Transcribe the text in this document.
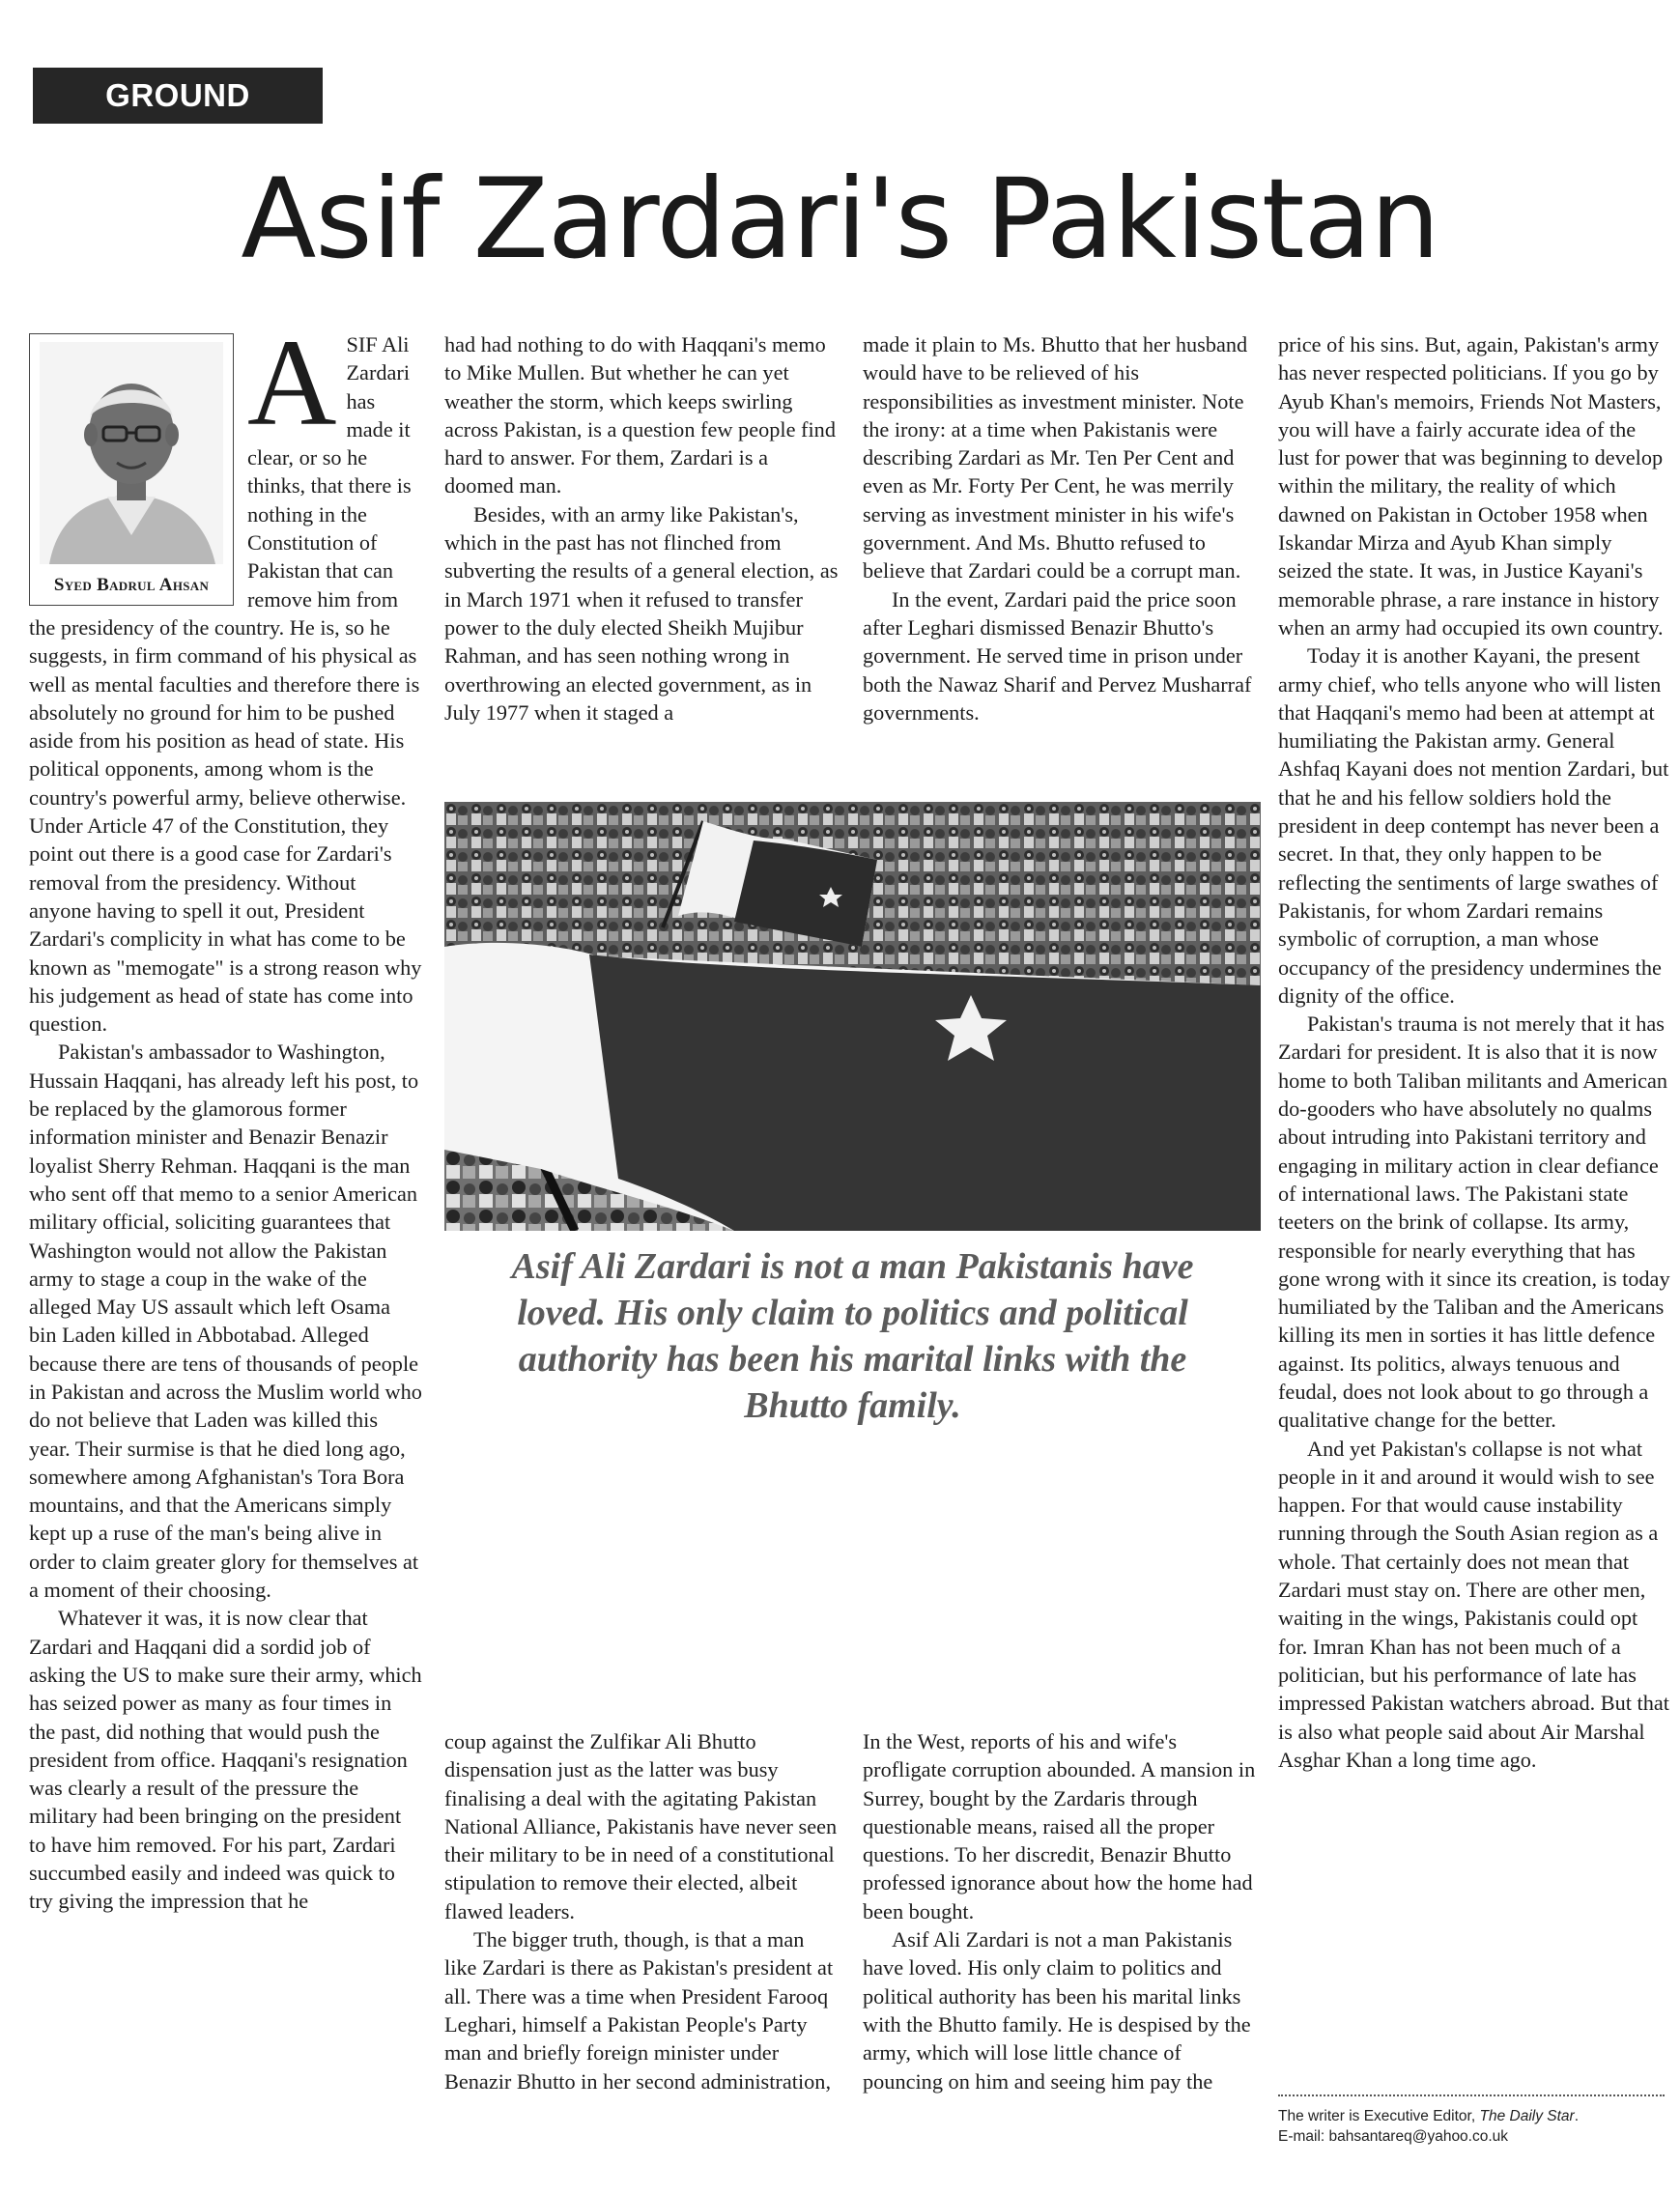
GROUND REALITIES
Asif Zardari's Pakistan
Syed Badrul Ahsan
A SIF Ali Zardari has made it clear, or so he thinks, that there is nothing in the Constitution of Pakistan that can remove him from the presidency of the country. He is, so he suggests, in firm command of his physical as well as mental faculties and therefore there is absolutely no ground for him to be pushed aside from his position as head of state. His political opponents, among whom is the country's powerful army, believe otherwise. Under Article 47 of the Constitution, they point out there is a good case for Zardari's removal from the presidency. Without anyone having to spell it out, President Zardari's complicity in what has come to be known as "memogate" is a strong reason why his judgement as head of state has come into question.

Pakistan's ambassador to Washington, Hussain Haqqani, has already left his post, to be replaced by the glamorous former information minister and Benazir Benazir loyalist Sherry Rehman. Haqqani is the man who sent off that memo to a senior American military official, soliciting guarantees that Washington would not allow the Pakistan army to stage a coup in the wake of the alleged May US assault which left Osama bin Laden killed in Abbotabad. Alleged because there are tens of thousands of people in Pakistan and across the Muslim world who do not believe that Laden was killed this year. Their surmise is that he died long ago, somewhere among Afghanistan's Tora Bora mountains, and that the Americans simply kept up a ruse of the man's being alive in order to claim greater glory for themselves at a moment of their choosing.

Whatever it was, it is now clear that Zardari and Haqqani did a sordid job of asking the US to make sure their army, which has seized power as many as four times in the past, did nothing that would push the president from office. Haqqani's resignation was clearly a result of the pressure the military had been bringing on the president to have him removed. For his part, Zardari succumbed easily and indeed was quick to try giving the impression that he

had had nothing to do with Haqqani's memo to Mike Mullen. But whether he can yet weather the storm, which keeps swirling across Pakistan, is a question few people find hard to answer. For them, Zardari is a doomed man.

Besides, with an army like Pakistan's, which in the past has not flinched from subverting the results of a general election, as in March 1971 when it refused to transfer power to the duly elected Sheikh Mujibur Rahman, and has seen nothing wrong in overthrowing an elected government, as in July 1977 when it staged a

made it plain to Ms. Bhutto that her husband would have to be relieved of his responsibilities as investment minister. Note the irony: at a time when Pakistanis were describing Zardari as Mr. Ten Per Cent and even as Mr. Forty Per Cent, he was merrily serving as investment minister in his wife's government. And Ms. Bhutto refused to believe that Zardari could be a corrupt man.

In the event, Zardari paid the price soon after Leghari dismissed Benazir Bhutto's government. He served time in prison under both the Nawaz Sharif and Pervez Musharraf governments.

Asif Ali Zardari is not a man Pakistanis have loved. His only claim to politics and political authority has been his marital links with the Bhutto family.

coup against the Zulfikar Ali Bhutto dispensation just as the latter was busy finalising a deal with the agitating Pakistan National Alliance, Pakistanis have never seen their military to be in need of a constitutional stipulation to remove their elected, albeit flawed leaders.

The bigger truth, though, is that a man like Zardari is there as Pakistan's president at all. There was a time when President Farooq Leghari, himself a Pakistan People's Party man and briefly foreign minister under Benazir Bhutto in her second administration,

In the West, reports of his and wife's profligate corruption abounded. A mansion in Surrey, bought by the Zardaris through questionable means, raised all the proper questions. To her discredit, Benazir Bhutto professed ignorance about how the home had been bought.

Asif Ali Zardari is not a man Pakistanis have loved. His only claim to politics and political authority has been his marital links with the Bhutto family. He is despised by the army, which will lose little chance of pouncing on him and seeing him pay the

price of his sins. But, again, Pakistan's army has never respected politicians. If you go by Ayub Khan's memoirs, Friends Not Masters, you will have a fairly accurate idea of the lust for power that was beginning to develop within the military, the reality of which dawned on Pakistan in October 1958 when Iskandar Mirza and Ayub Khan simply seized the state. It was, in Justice Kayani's memorable phrase, a rare instance in history when an army had occupied its own country.

Today it is another Kayani, the present army chief, who tells anyone who will listen that Haqqani's memo had been at attempt at humiliating the Pakistan army. General Ashfaq Kayani does not mention Zardari, but that he and his fellow soldiers hold the president in deep contempt has never been a secret. In that, they only happen to be reflecting the sentiments of large swathes of Pakistanis, for whom Zardari remains symbolic of corruption, a man whose occupancy of the presidency undermines the dignity of the office.

Pakistan's trauma is not merely that it has Zardari for president. It is also that it is now home to both Taliban militants and American do-gooders who have absolutely no qualms about intruding into Pakistani territory and engaging in military action in clear defiance of international laws. The Pakistani state teeters on the brink of collapse. Its army, responsible for nearly everything that has gone wrong with it since its creation, is today humiliated by the Taliban and the Americans killing its men in sorties it has little defence against. Its politics, always tenuous and feudal, does not look about to go through a qualitative change for the better.

And yet Pakistan's collapse is not what people in it and around it would wish to see happen. For that would cause instability running through the South Asian region as a whole. That certainly does not mean that Zardari must stay on. There are other men, waiting in the wings, Pakistanis could opt for. Imran Khan has not been much of a politician, but his performance of late has impressed Pakistan watchers abroad. But that is also what people said about Air Marshal Asghar Khan a long time ago.

The writer is Executive Editor, The Daily Star.
E-mail: bahsantareq@yahoo.co.uk
